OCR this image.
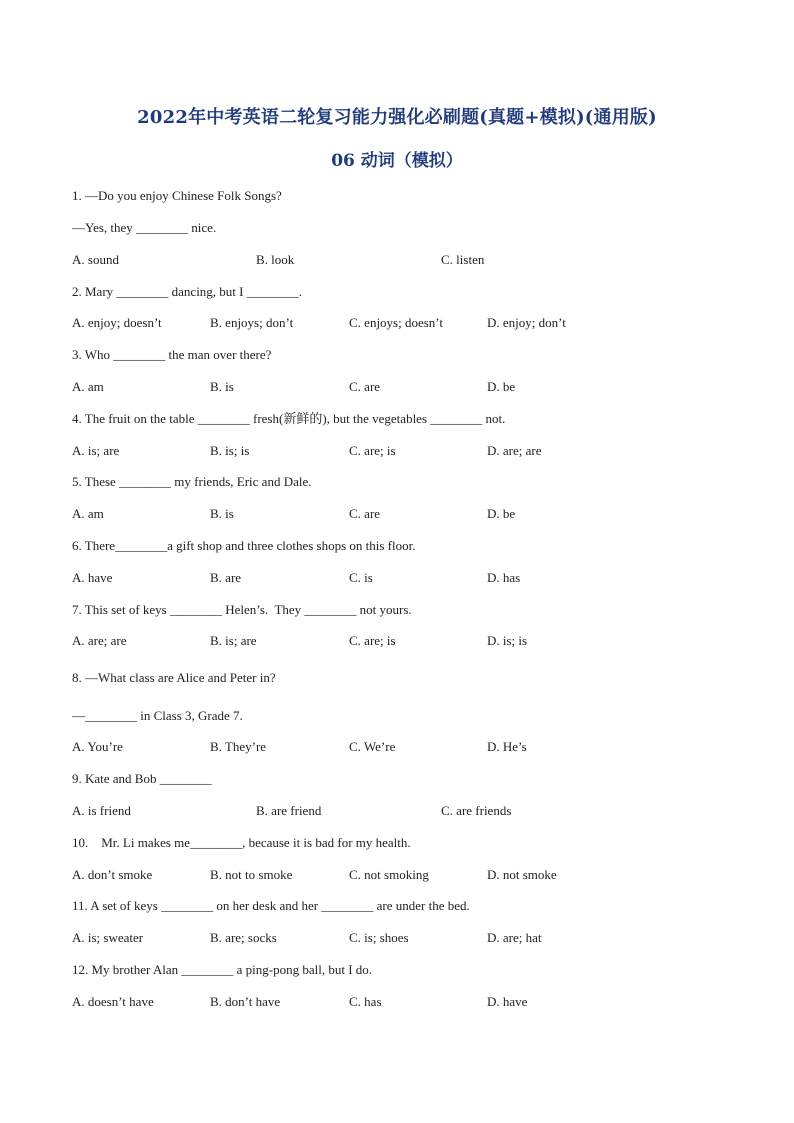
2022年中考英语二轮复习能力强化必刷题(真题+模拟)(通用版)
06 动词（模拟）
1. —Do you enjoy Chinese Folk Songs?
—Yes, they ________ nice.
A. sound	B. look	C. listen
2. Mary ________ dancing, but I ________.
A. enjoy; doesn’t	B. enjoys; don’t	C. enjoys; doesn’t	D. enjoy; don’t
3. Who ________ the man over there?
A. am	B. is	C. are	D. be
4. The fruit on the table ________ fresh(新鲜的), but the vegetables ________ not.
A. is; are	B. is; is	C. are; is	D. are; are
5. These ________ my friends, Eric and Dale.
A. am	B. is	C. are	D. be
6. There________a gift shop and three clothes shops on this floor.
A. have	B. are	C. is	D. has
7. This set of keys ________ Helen’s.  They ________ not yours.
A. are; are	B. is; are	C. are; is	D. is; is
8. —What class are Alice and Peter in?
—________ in Class 3, Grade 7.
A. You’re	B. They’re	C. We’re	D. He’s
9. Kate and Bob ________
A. is friend	B. are friend	C. are friends
10.    Mr. Li makes me________, because it is bad for my health.
A. don’t smoke	B. not to smoke	C. not smoking	D. not smoke
11. A set of keys ________ on her desk and her ________ are under the bed.
A. is; sweater	B. are; socks	C. is; shoes	D. are; hat
12. My brother Alan ________ a ping-pong ball, but I do.
A. doesn’t have	B. don’t have	C. has	D. have
